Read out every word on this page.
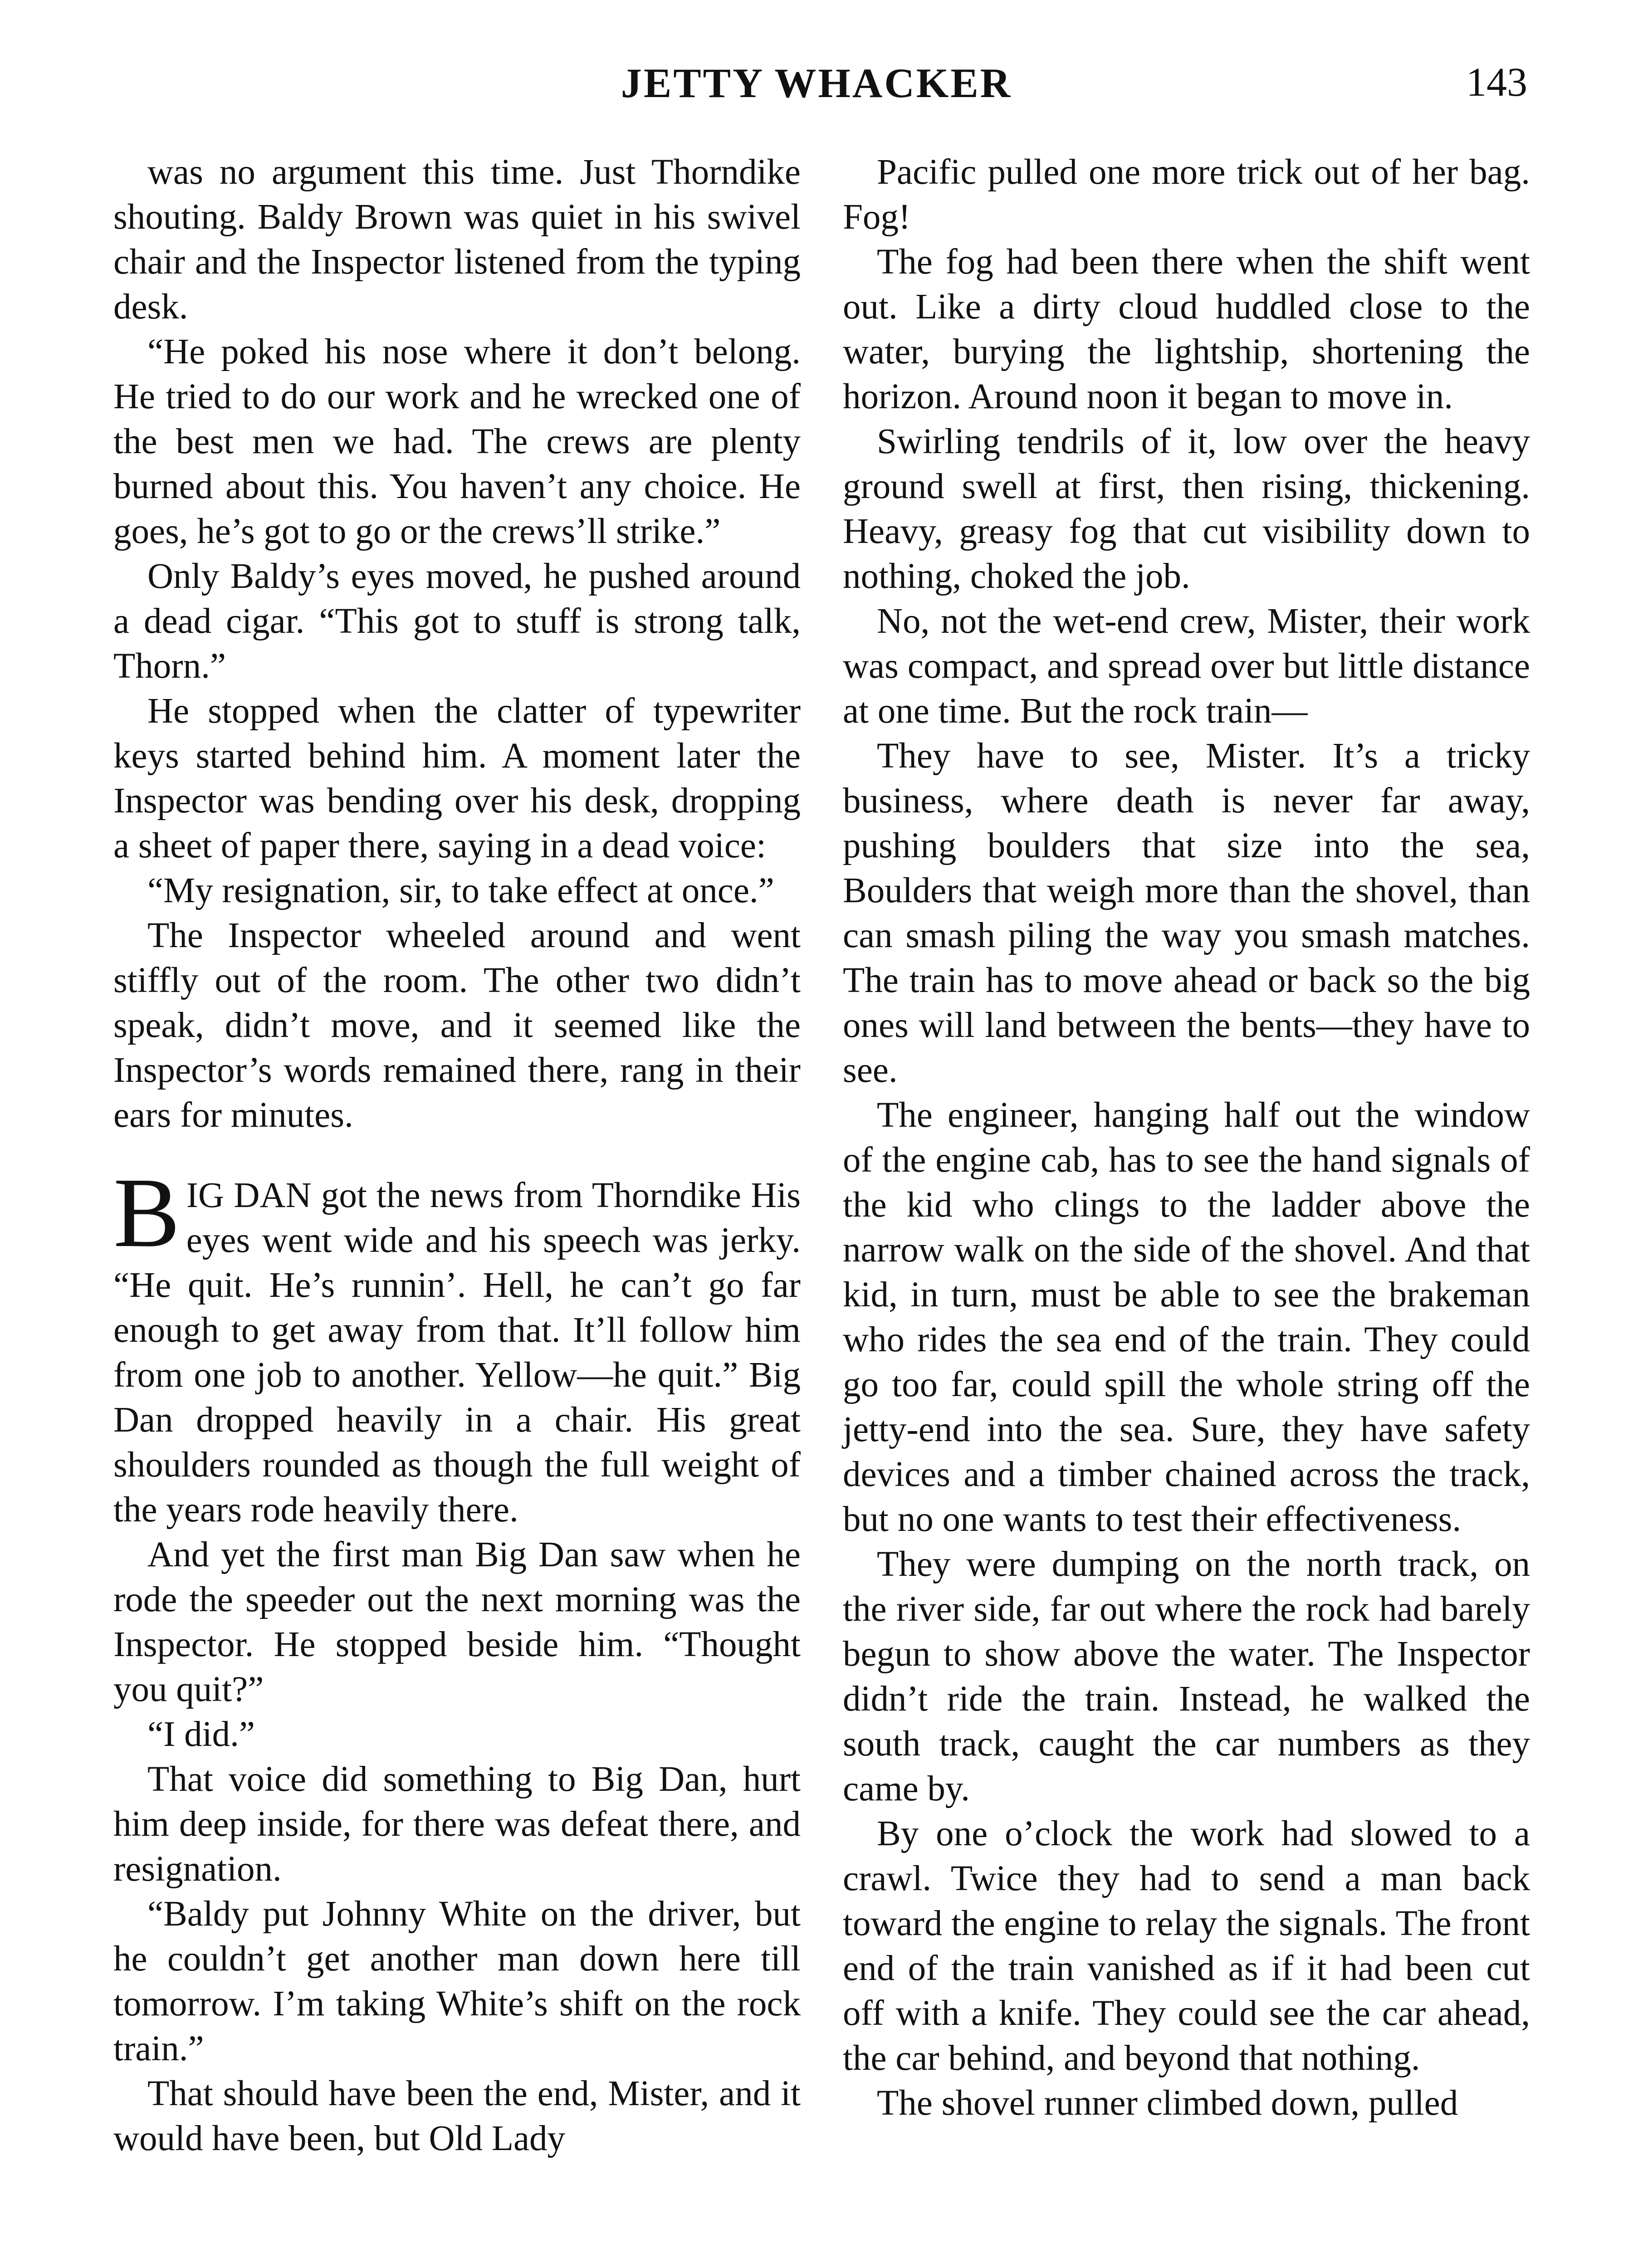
JETTY WHACKER	143

was no argument this time. Just Thorndike shouting. Baldy Brown was quiet in his swivel chair and the Inspector listened from the typing desk.

“He poked his nose where it don’t belong. He tried to do our work and he wrecked one of the best men we had. The crews are plenty burned about this. You haven’t any choice. He goes, he’s got to go or the crews’ll strike.”

Only Baldy’s eyes moved, he pushed around a dead cigar. “This got to stuff is strong talk, Thorn.”

He stopped when the clatter of typewriter keys started behind him. A moment later the Inspector was bending over his desk, dropping a sheet of paper there, saying in a dead voice:

“My resignation, sir, to take effect at once.”

The Inspector wheeled around and went stiffly out of the room. The other two didn’t speak, didn’t move, and it seemed like the Inspector’s words remained there, rang in their ears for minutes.

BIG DAN got the news from Thorndike His eyes went wide and his speech was jerky. “He quit. He’s runnin’. Hell, he can’t go far enough to get away from that. It’ll follow him from one job to another. Yellow—he quit.” Big Dan dropped heavily in a chair. His great shoulders rounded as though the full weight of the years rode heavily there.

And yet the first man Big Dan saw when he rode the speeder out the next morning was the Inspector. He stopped beside him. “Thought you quit?”

“I did.”

That voice did something to Big Dan, hurt him deep inside, for there was defeat there, and resignation.

“Baldy put Johnny White on the driver, but he couldn’t get another man down here till tomorrow. I’m taking White’s shift on the rock train.”

That should have been the end, Mister, and it would have been, but Old Lady

Pacific pulled one more trick out of her bag. Fog!

The fog had been there when the shift went out. Like a dirty cloud huddled close to the water, burying the lightship, shortening the horizon. Around noon it began to move in.

Swirling tendrils of it, low over the heavy ground swell at first, then rising, thickening. Heavy, greasy fog that cut visibility down to nothing, choked the job.

No, not the wet-end crew, Mister, their work was compact, and spread over but little distance at one time. But the rock train—

They have to see, Mister. It’s a tricky business, where death is never far away, pushing boulders that size into the sea, Boulders that weigh more than the shovel, than can smash piling the way you smash matches. The train has to move ahead or back so the big ones will land between the bents—they have to see.

The engineer, hanging half out the window of the engine cab, has to see the hand signals of the kid who clings to the ladder above the narrow walk on the side of the shovel. And that kid, in turn, must be able to see the brakeman who rides the sea end of the train. They could go too far, could spill the whole string off the jetty-end into the sea. Sure, they have safety devices and a timber chained across the track, but no one wants to test their effectiveness.

They were dumping on the north track, on the river side, far out where the rock had barely begun to show above the water. The Inspector didn’t ride the train. Instead, he walked the south track, caught the car numbers as they came by.

By one o’clock the work had slowed to a crawl. Twice they had to send a man back toward the engine to relay the signals. The front end of the train vanished as if it had been cut off with a knife. They could see the car ahead, the car behind, and beyond that nothing.

The shovel runner climbed down, pulled
